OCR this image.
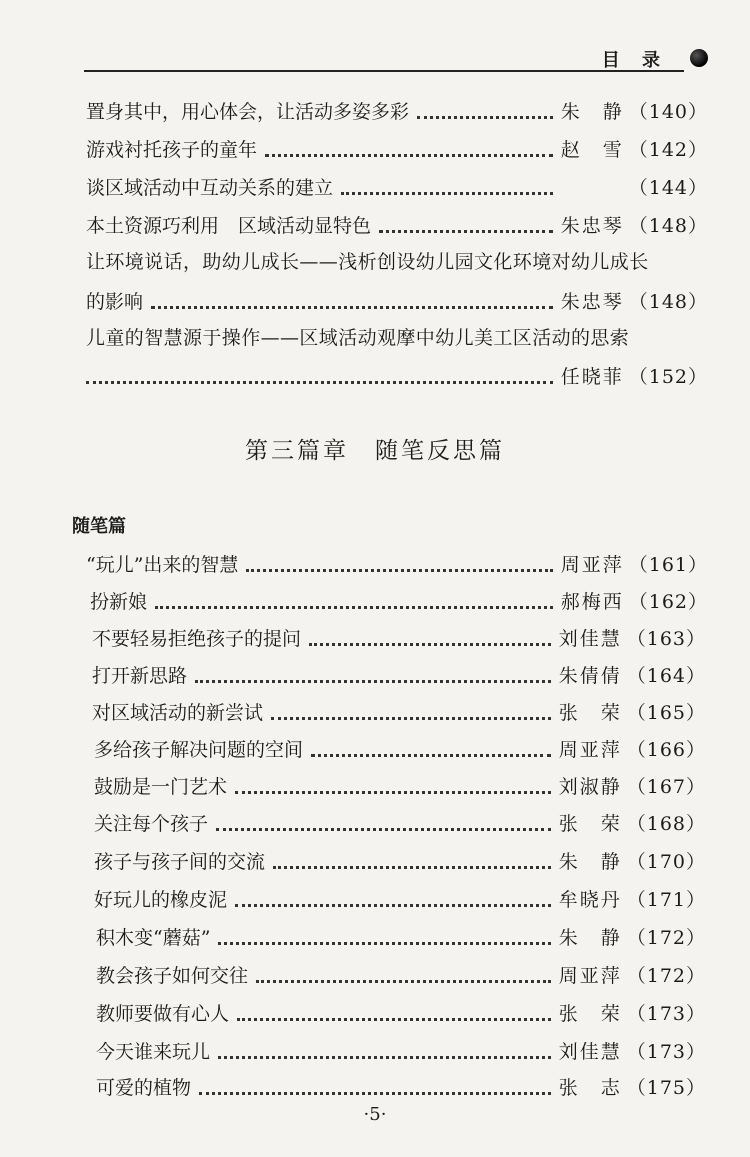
目 录
置身其中，用心体会，让活动多姿多彩	朱　静 （140）
游戏衬托孩子的童年	赵　雪 （142）
谈区域活动中互动关系的建立	（144）
本土资源巧利用　区域活动显特色	朱忠琴 （148）
让环境说话，助幼儿成长——浅析创设幼儿园文化环境对幼儿成长
的影响	朱忠琴 （148）
儿童的智慧源于操作——区域活动观摩中幼儿美工区活动的思索
任晓菲 （152）
第三篇章　随笔反思篇
随笔篇
“玩儿”出来的智慧	周亚萍 （161）
扮新娘	郝梅西 （162）
不要轻易拒绝孩子的提问	刘佳慧 （163）
打开新思路	朱倩倩 （164）
对区域活动的新尝试	张　荣 （165）
多给孩子解决问题的空间	周亚萍 （166）
鼓励是一门艺术	刘淑静 （167）
关注每个孩子	张　荣 （168）
孩子与孩子间的交流	朱　静 （170）
好玩儿的橡皮泥	牟晓丹 （171）
积木变“蘑菇”	朱　静 （172）
教会孩子如何交往	周亚萍 （172）
教师要做有心人	张　荣 （173）
今天谁来玩儿	刘佳慧 （173）
可爱的植物	张　志 （175）
·5·
